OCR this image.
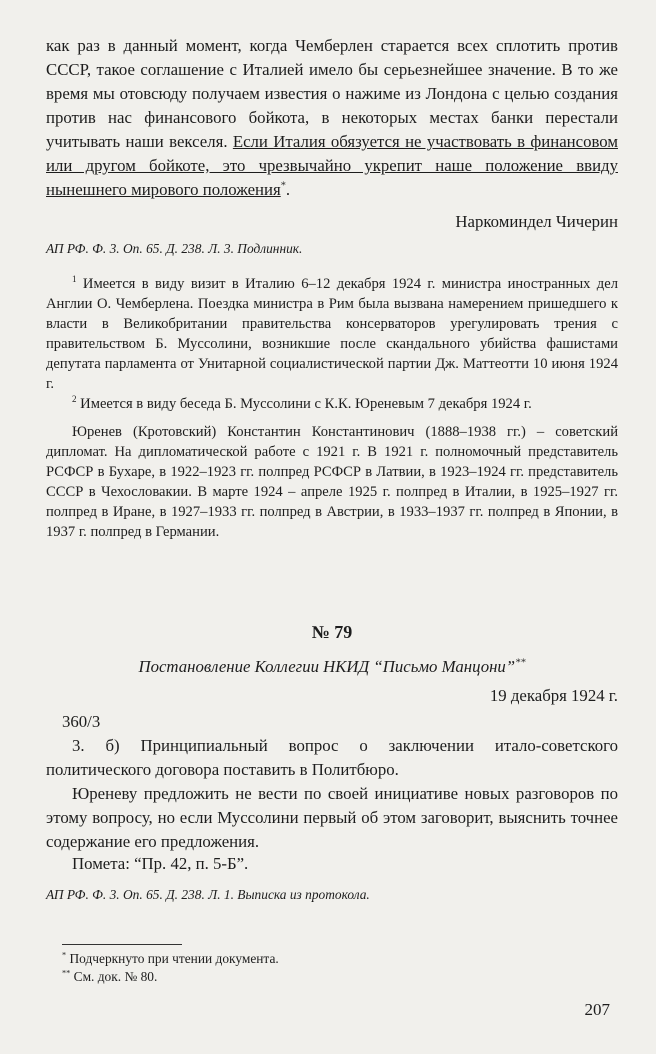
как раз в данный момент, когда Чемберлен старается всех сплотить против СССР, такое соглашение с Италией имело бы серьезнейшее значение. В то же время мы отовсюду получаем известия о нажиме из Лондона с целью создания против нас финансового бойкота, в некоторых местах банки перестали учитывать наши векселя. Если Италия обязуется не участвовать в финансовом или другом бойкоте, это чрезвычайно укрепит наше положение ввиду нынешнего мирового положения*.

Наркоминдел Чичерин
АП РФ. Ф. 3. Оп. 65. Д. 238. Л. 3. Подлинник.

$^1$ Имеется в виду визит в Италию 6–12 декабря 1924 г. министра иностранных дел Англии О. Чемберлена. Поездка министра в Рим была вызвана намерением пришедшего к власти в Великобритании правительства консерваторов урегулировать трения с правительством Б. Муссолини, возникшие после скандального убийства фашистами депутата парламента от Унитарной социалистической партии Дж. Маттеотти 10 июня 1924 г.

$^2$ Имеется в виду беседа Б. Муссолини с К.К. Юреневым 7 декабря 1924 г.

Юренев (Кротовский) Константин Константинович (1888–1938 гг.) – советский дипломат. На дипломатической работе с 1921 г. В 1921 г. полномочный представитель РСФСР в Бухаре, в 1922–1923 гг. полпред РСФСР в Латвии, в 1923–1924 гг. представитель СССР в Чехословакии. В марте 1924 – апреле 1925 г. полпред в Италии, в 1925–1927 гг. полпред в Иране, в 1927–1933 гг. полпред в Австрии, в 1933–1937 гг. полпред в Японии, в 1937 г. полпред в Германии.

№ 79
Постановление Коллегии НКИД “Письмо Манцони”**
19 декабря 1924 г.
360/3

3. б) Принципиальный вопрос о заключении итало-советского политического договора поставить в Политбюро.

Юреневу предложить не вести по своей инициативе новых разговоров по этому вопросу, но если Муссолини первый об этом заговорит, выяснить точнее содержание его предложения.

Помета: “Пр. 42, п. 5-Б”.

АП РФ. Ф. 3. Оп. 65. Д. 238. Л. 1. Выписка из протокола.
* Подчеркнуто при чтении документа.
** См. док. № 80.
207
